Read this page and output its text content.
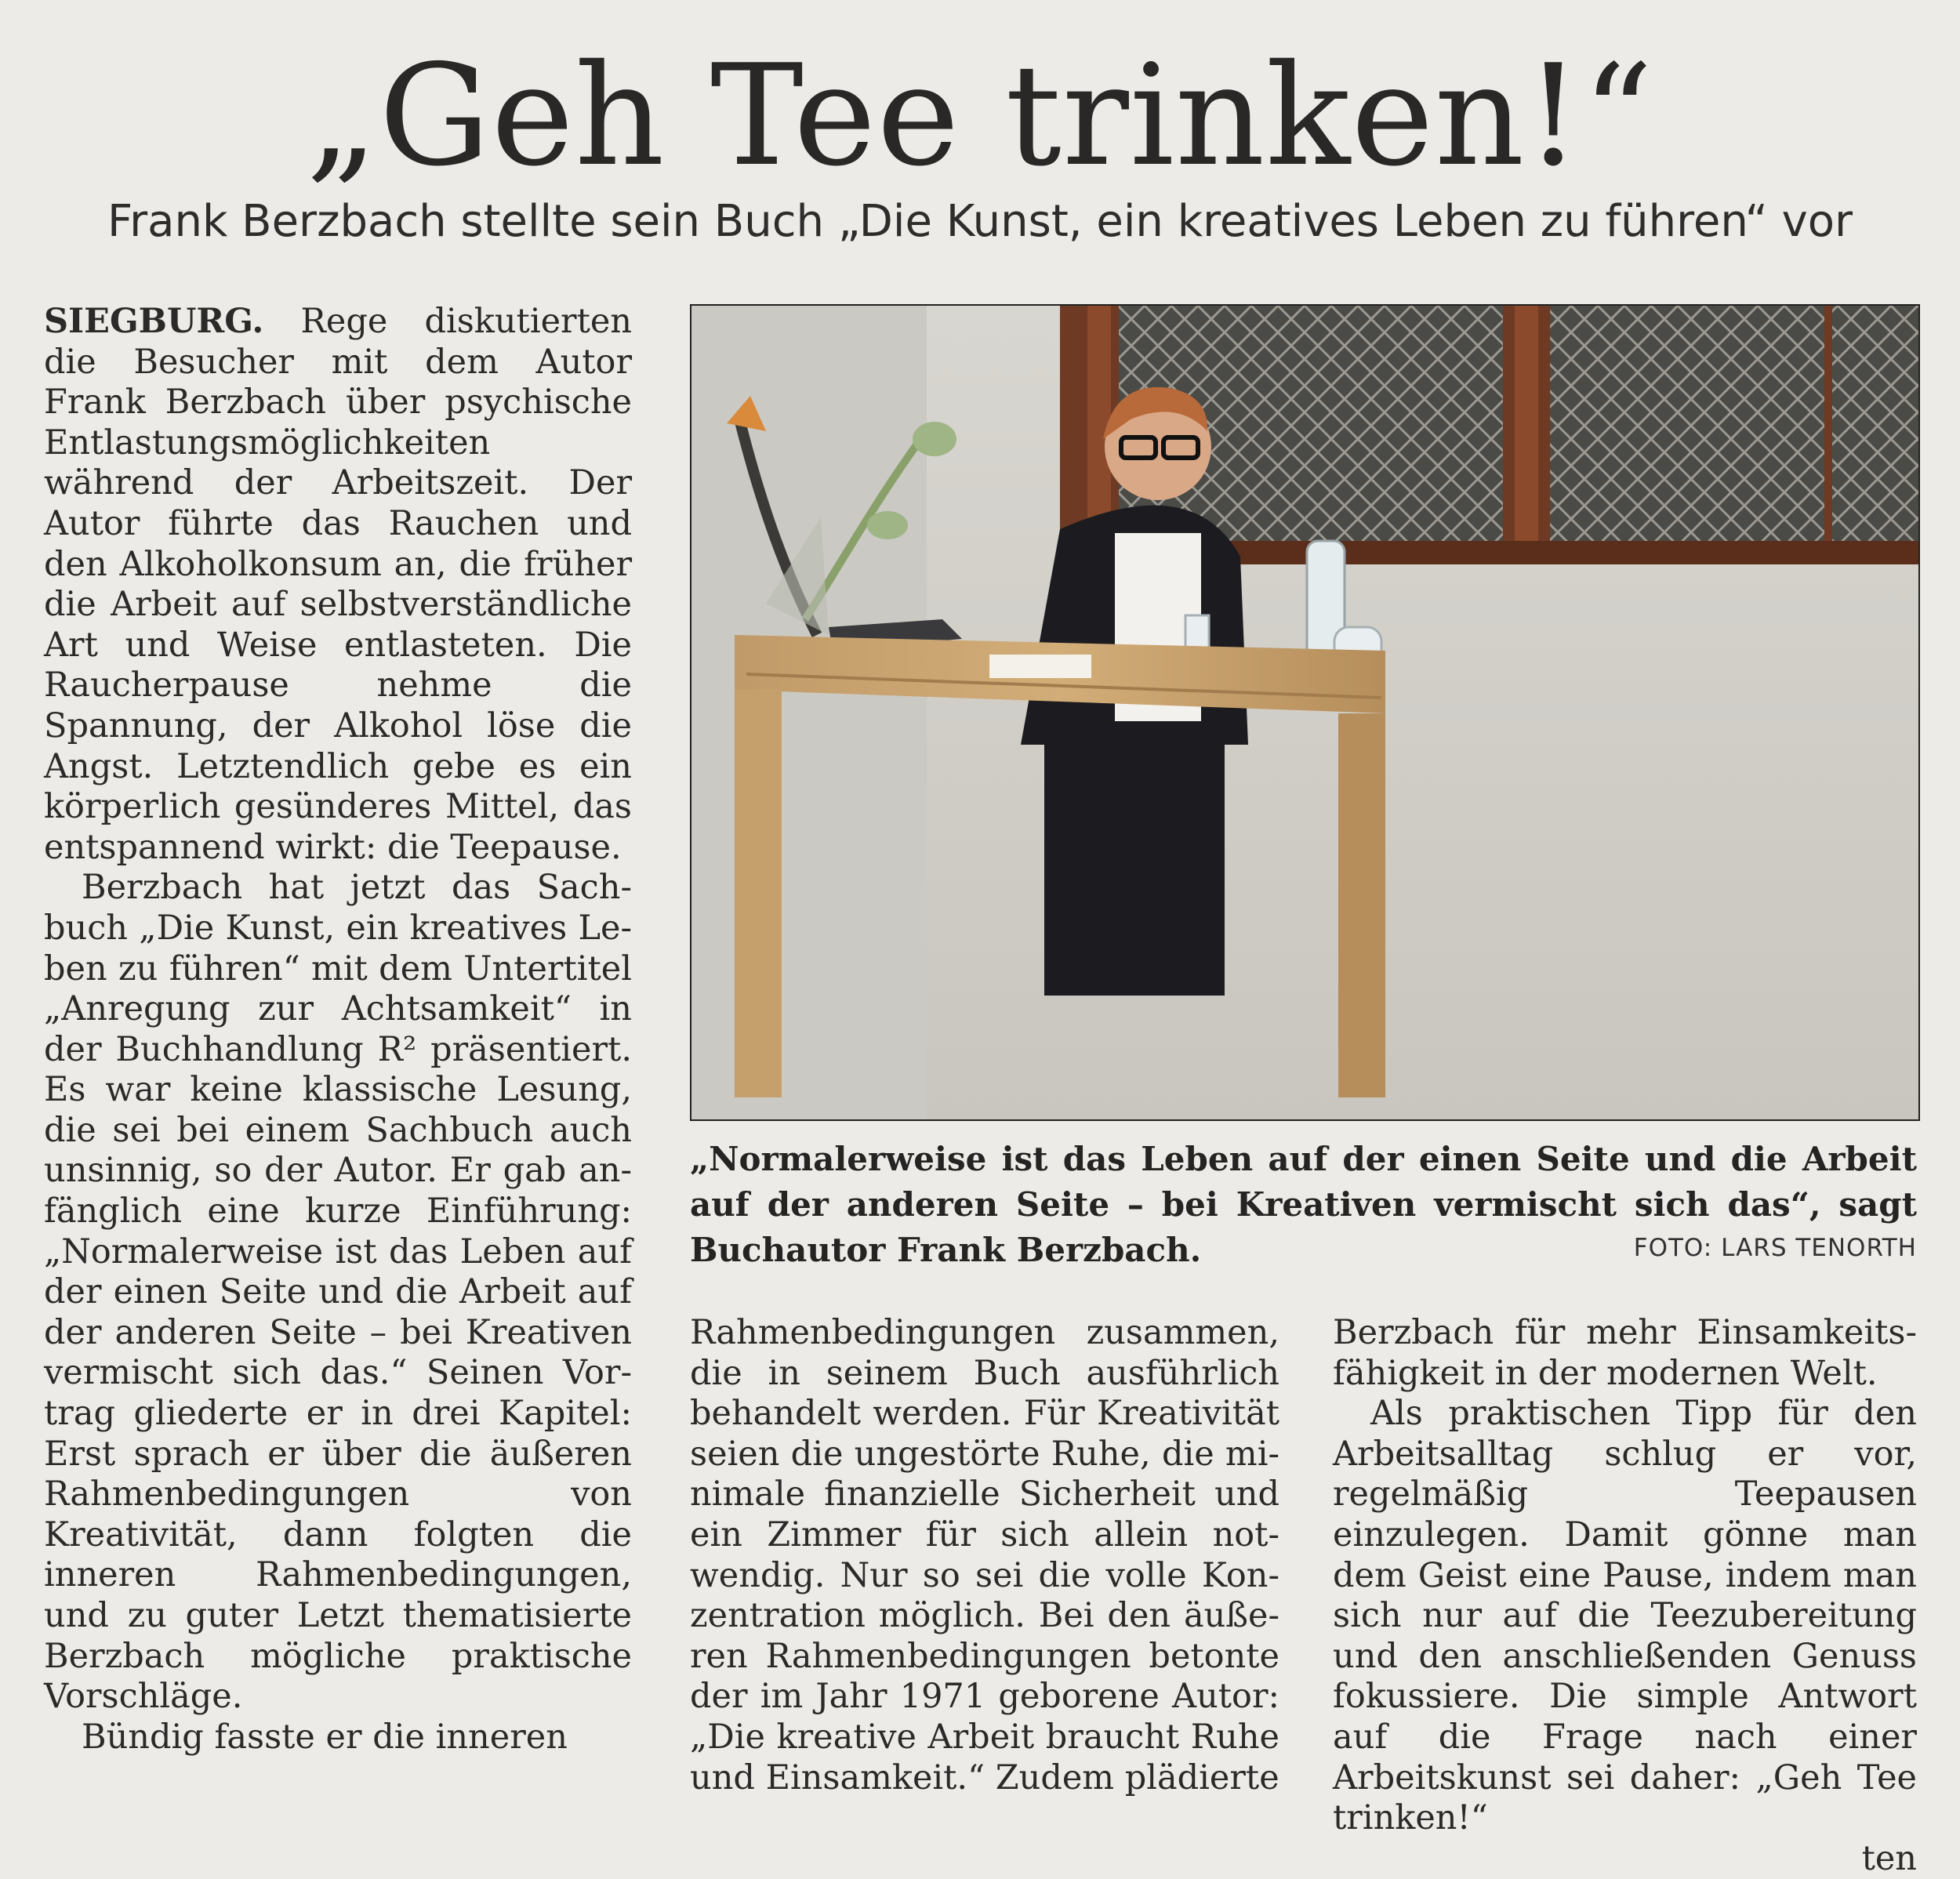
„Geh Tee trinken!“
Frank Berzbach stellte sein Buch „Die Kunst, ein kreatives Leben zu führen“ vor

SIEGBURG. Rege diskutierten die Besucher mit dem Autor Frank Berzbach über psychische Entlastungsmöglichkeiten während der Arbeitszeit. Der Autor führte das Rauchen und den Alkoholkonsum an, die früher die Arbeit auf selbstverständliche Art und Weise entlasteten. Die Raucherpause nehme die Spannung, der Alkohol löse die Angst. Letztendlich gebe es ein körperlich gesünderes Mittel, das entspannend wirkt: die Teepause.

Berzbach hat jetzt das Sachbuch „Die Kunst, ein kreatives Leben zu führen“ mit dem Untertitel „Anregung zur Achtsamkeit“ in der Buchhandlung R² präsentiert. Es war keine klassische Lesung, die sei bei einem Sachbuch auch unsinnig, so der Autor. Er gab anfänglich eine kurze Einführung: „Normalerweise ist das Leben auf der einen Seite und die Arbeit auf der anderen Seite – bei Kreativen vermischt sich das.“ Seinen Vortrag gliederte er in drei Kapitel: Erst sprach er über die äußeren Rahmenbedingungen von Kreativität, dann folgten die inneren Rahmenbedingungen, und zu guter Letzt thematisierte Berzbach mögliche praktische Vorschläge.

Bündig fasste er die inneren

„Normalerweise ist das Leben auf der einen Seite und die Arbeit auf der anderen Seite – bei Kreativen vermischt sich das“, sagt Buchautor Frank Berzbach.	FOTO: LARS TENORTH

Rahmenbedingungen zusammen, die in seinem Buch ausführlich behandelt werden. Für Kreativität seien die ungestörte Ruhe, die minimale finanzielle Sicherheit und ein Zimmer für sich allein notwendig. Nur so sei die volle Konzentration möglich. Bei den äußeren Rahmenbedingungen betonte der im Jahr 1971 geborene Autor: „Die kreative Arbeit braucht Ruhe und Einsamkeit.“ Zudem plädierte

Berzbach für mehr Einsamkeitsfähigkeit in der modernen Welt.

Als praktischen Tipp für den Arbeitsalltag schlug er vor, regelmäßig Teepausen einzulegen. Damit gönne man dem Geist eine Pause, indem man sich nur auf die Teezubereitung und den anschließenden Genuss fokussiere. Die simple Antwort auf die Frage nach einer Arbeitskunst sei daher: „Geh Tee trinken!“

ten
